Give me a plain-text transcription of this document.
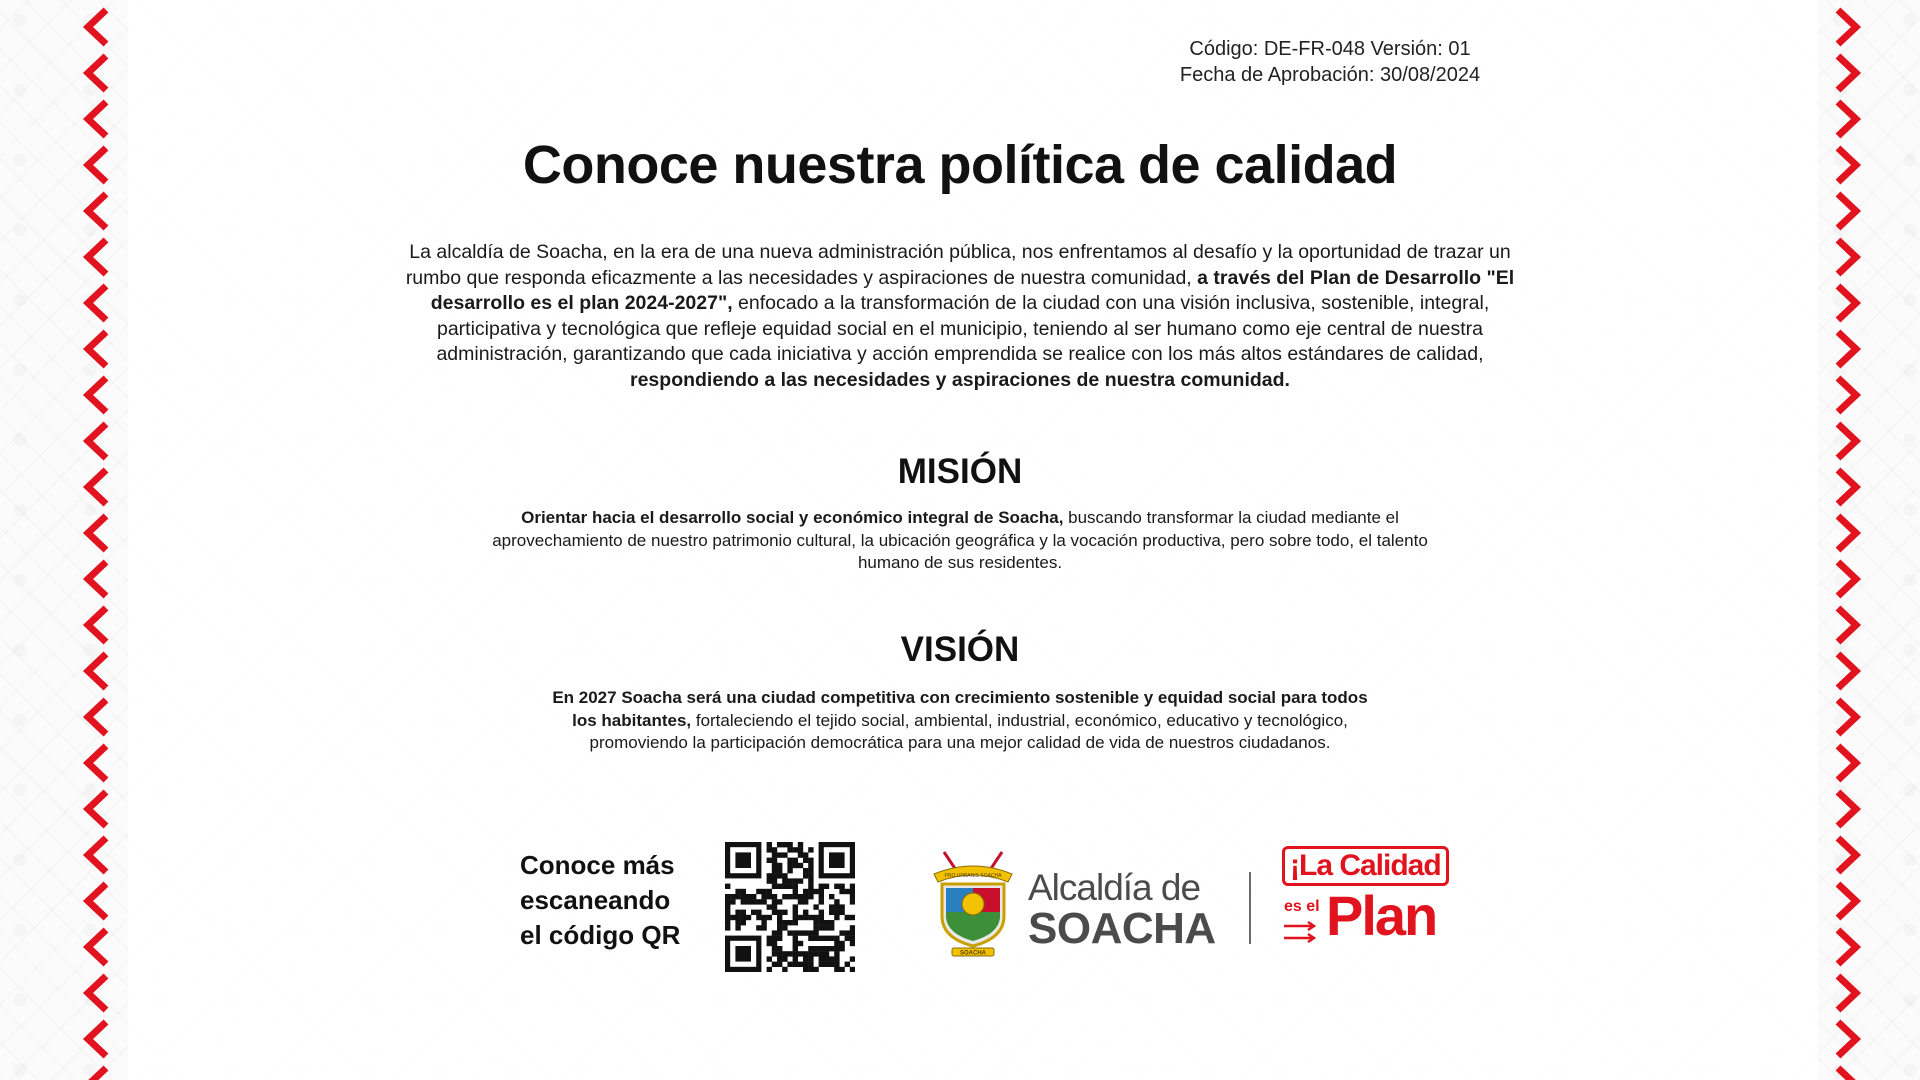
Código: DE-FR-048 Versión: 01
Fecha de Aprobación: 30/08/2024
Conoce nuestra política de calidad

La alcaldía de Soacha, en la era de una nueva administración pública, nos enfrentamos al desafío y la oportunidad de trazar un rumbo que responda eficazmente a las necesidades y aspiraciones de nuestra comunidad, a través del Plan de Desarrollo "El desarrollo es el plan 2024-2027", enfocado a la transformación de la ciudad con una visión inclusiva, sostenible, integral, participativa y tecnológica que refleje equidad social en el municipio, teniendo al ser humano como eje central de nuestra administración, garantizando que cada iniciativa y acción emprendida se realice con los más altos estándares de calidad, respondiendo a las necesidades y aspiraciones de nuestra comunidad.

MISIÓN

Orientar hacia el desarrollo social y económico integral de Soacha, buscando transformar la ciudad mediante el aprovechamiento de nuestro patrimonio cultural, la ubicación geográfica y la vocación productiva, pero sobre todo, el talento humano de sus residentes.

VISIÓN

En 2027 Soacha será una ciudad competitiva con crecimiento sostenible y equidad social para todos los habitantes, fortaleciendo el tejido social, ambiental, industrial, económico, educativo y tecnológico, promoviendo la participación democrática para una mejor calidad de vida de nuestros ciudadanos.

Conoce más
escaneando
el código QR
PRO URBANIS SOACHA
SOACHA
Alcaldía de
SOACHA
¡La Calidad
es el Plan
